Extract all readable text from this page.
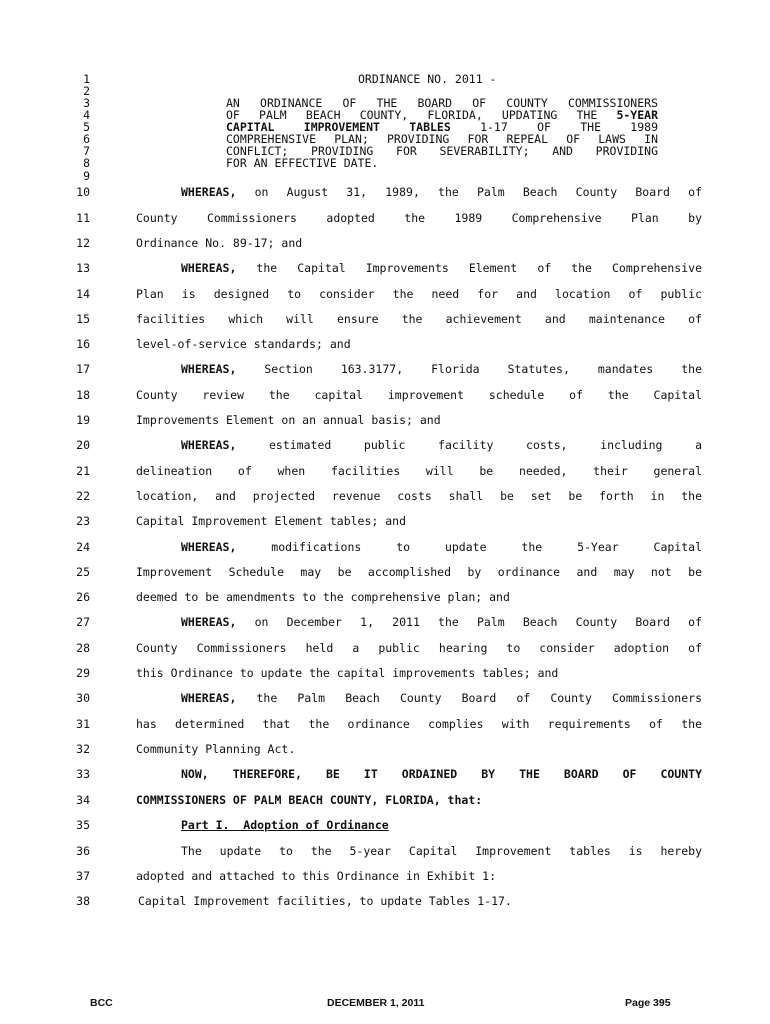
1
2
3
4
5
6
7
8
9
10
11
12
13
14
15
16
17
18
19
20
21
22
23
24
25
26
27
28
29
30
31
32
33
34
35
36
37
38
ORDINANCE NO. 2011 -
AN ORDINANCE OF THE BOARD OF COUNTY COMMISSIONERS
OF PALM BEACH COUNTY, FLORIDA, UPDATING THE 5-YEAR
CAPITAL IMPROVEMENT TABLES 1-17 OF THE 1989
COMPREHENSIVE PLAN; PROVIDING FOR REPEAL OF LAWS IN
CONFLICT; PROVIDING FOR SEVERABILITY; AND PROVIDING
FOR AN EFFECTIVE DATE.
WHEREAS, on August 31, 1989, the Palm Beach County Board of
County Commissioners adopted the 1989 Comprehensive Plan by
Ordinance No. 89-17; and
WHEREAS, the Capital Improvements Element of the Comprehensive
Plan is designed to consider the need for and location of public
facilities which will ensure the achievement and maintenance of
level-of-service standards; and
WHEREAS, Section 163.3177, Florida Statutes, mandates the
County review the capital improvement schedule of the Capital
Improvements Element on an annual basis; and
WHEREAS, estimated public facility costs, including a
delineation of when facilities will be needed, their general
location, and projected revenue costs shall be set be forth in the
Capital Improvement Element tables; and
WHEREAS, modifications to update the 5-Year Capital
Improvement Schedule may be accomplished by ordinance and may not be
deemed to be amendments to the comprehensive plan; and
WHEREAS, on December 1, 2011 the Palm Beach County Board of
County Commissioners held a public hearing to consider adoption of
this Ordinance to update the capital improvements tables; and
WHEREAS, the Palm Beach County Board of County Commissioners
has determined that the ordinance complies with requirements of the
Community Planning Act.
NOW, THEREFORE, BE IT ORDAINED BY THE BOARD OF COUNTY
COMMISSIONERS OF PALM BEACH COUNTY, FLORIDA, that:
Part I.  Adoption of Ordinance
The update to the 5-year Capital Improvement tables is hereby
adopted and attached to this Ordinance in Exhibit 1:
Capital Improvement facilities, to update Tables 1-17.
BCC	DECEMBER 1, 2011	Page 395
